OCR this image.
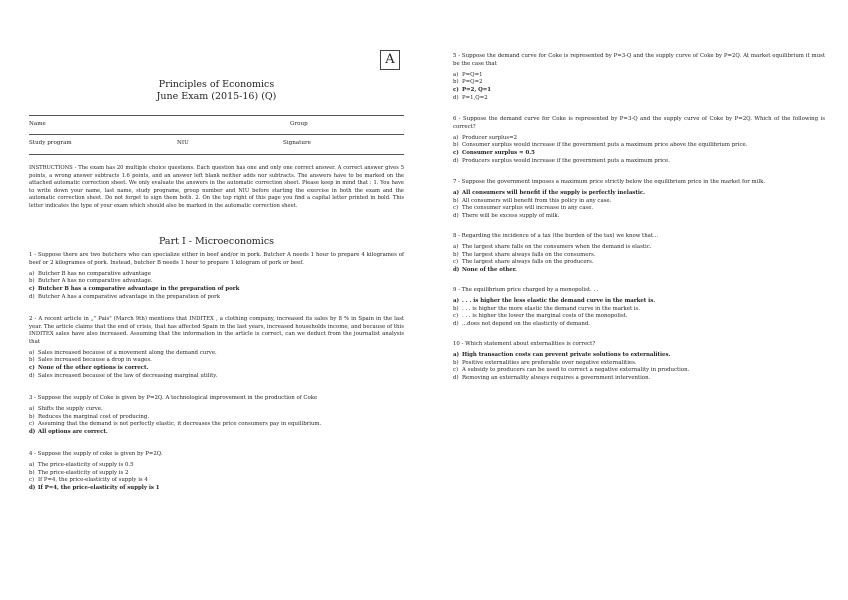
A
Principles of Economics
June Exam (2015-16) (Q)
Name	Group
Study program	NIU	Signature
INSTRUCTIONS - The exam has 20 multiple choice questions. Each question has one and only one correct answer. A correct answer gives 5 points, a wrong answer subtracts 1.6 points, and an answer left blank neither adds nor subtracts. The answers have to be marked on the attached automatic correction sheet. We only evaluate the answers in the automatic correction sheet. Please keep in mind that : 1. You have to write down your name, last name, study programe, group number and NIU before starting the exercise in both the exam and the automatic correction sheet. Do not forget to sign them both. 2. On the top right of this page you find a capital letter printed in bold. This letter indicates the type of your exam which should also be marked in the automatic correction sheet.
Part I - Microeconomics
1 - Suppose there are two butchers who can specialize either in beef and/or in pork. Butcher A needs 1 hour to prepare 4 kilogrames of beef or 2 kilogrames of pork. Instead, butcher B needs 1 hour to prepare 1 kilogram of pork or beef.
a) Butcher B has no comparative advantage
b) Butcher A has no comparative advantage.
c) Butcher B has a comparative advantage in the preparation of pork
d) Butcher A has a comparative advantage in the preparation of pork
2 - A recent article in „" Pais" (March 9th) mentions that INDITEX , a clothing company, increased its sales by 8 % in Spain in the last year. The article claims that the end of crisis, that has affected Spain in the last years, increased households income, and because of this INDITEX sales have also increased. Assuming that the information in the article is correct, can we deduct from the journalist analysis that
a) Sales increased because of a movement along the demand curve.
b) Sales increased because a drop in wages.
c) None of the other options is correct.
d) Sales increased because of the law of decreasing marginal utility.
3 - Suppose the supply of Coke is given by P=2Q. A technological improvement in the production of Coke
a) Shifts the supply curve.
b) Reduces the marginal cost of producing.
c) Assuming that the demand is not perfectly elastic, it decreases the price consumers pay in equilibrium.
d) All options are correct.
4 - Suppose the supply of coke is given by P=2Q.
a) The price-elasticity of supply is 0.5
b) The price-elasticity of supply is 2
c) If P=4, the price-elasticity of supply is 4
d) If P=4, the price-elasticity of supply is 1
5 - Suppose the demand curve for Coke is represented by P=3-Q and the supply curve of Coke by P=2Q. At market equilibrium it must be the case that
a) P=Q=1
b) P=Q=2
c) P=2, Q=1
d) P=1,Q=2
6 - Suppose the demand curve for Coke is represented by P=3-Q and the supply curve of Coke by P=2Q. Which of the following is correct?
a) Producer surplus=2
b) Consumer surplus would increase if the government puts a maximum price above the equilibrium price.
c) Consumer surplus = 0.5
d) Producers surplus would increase if the government puts a maximum price.
7 - Suppose the government imposes a maximum price strictly below the equilibrium price in the market for milk.
a) All consumers will benefit if the supply is perfectly inelastic.
b) All consumers will benefit from this policy in any case.
c) The consumer surplus will increase in any case.
d) There will be excess supply of milk.
8 - Regarding the incidence of a tax (the burden of the tax) we know that…
a) The largest share falls on the consumers when the demand is elastic.
b) The largest share always falls on the consumers.
c) The largest share always falls on the producers.
d) None of the other.
9 - The equilibrium price charged by a monopolist. . .
a) . . . is higher the less elastic the demand curve in the market is.
b) . . . is higher the more elastic the demand curve in the market is.
c) . . . is higher the lower the marginal costs of the monopolist.
d) ...does not depend on the elasticity of demand.
10 - Which statement about externalities is correct?
a) High transaction costs can prevent private solutions to externalities.
b) Positive externalities are preferable over negative externalities.
c) A subsidy to producers can be used to correct a negative externality in production.
d) Removing an externality always requires a government intervention.
